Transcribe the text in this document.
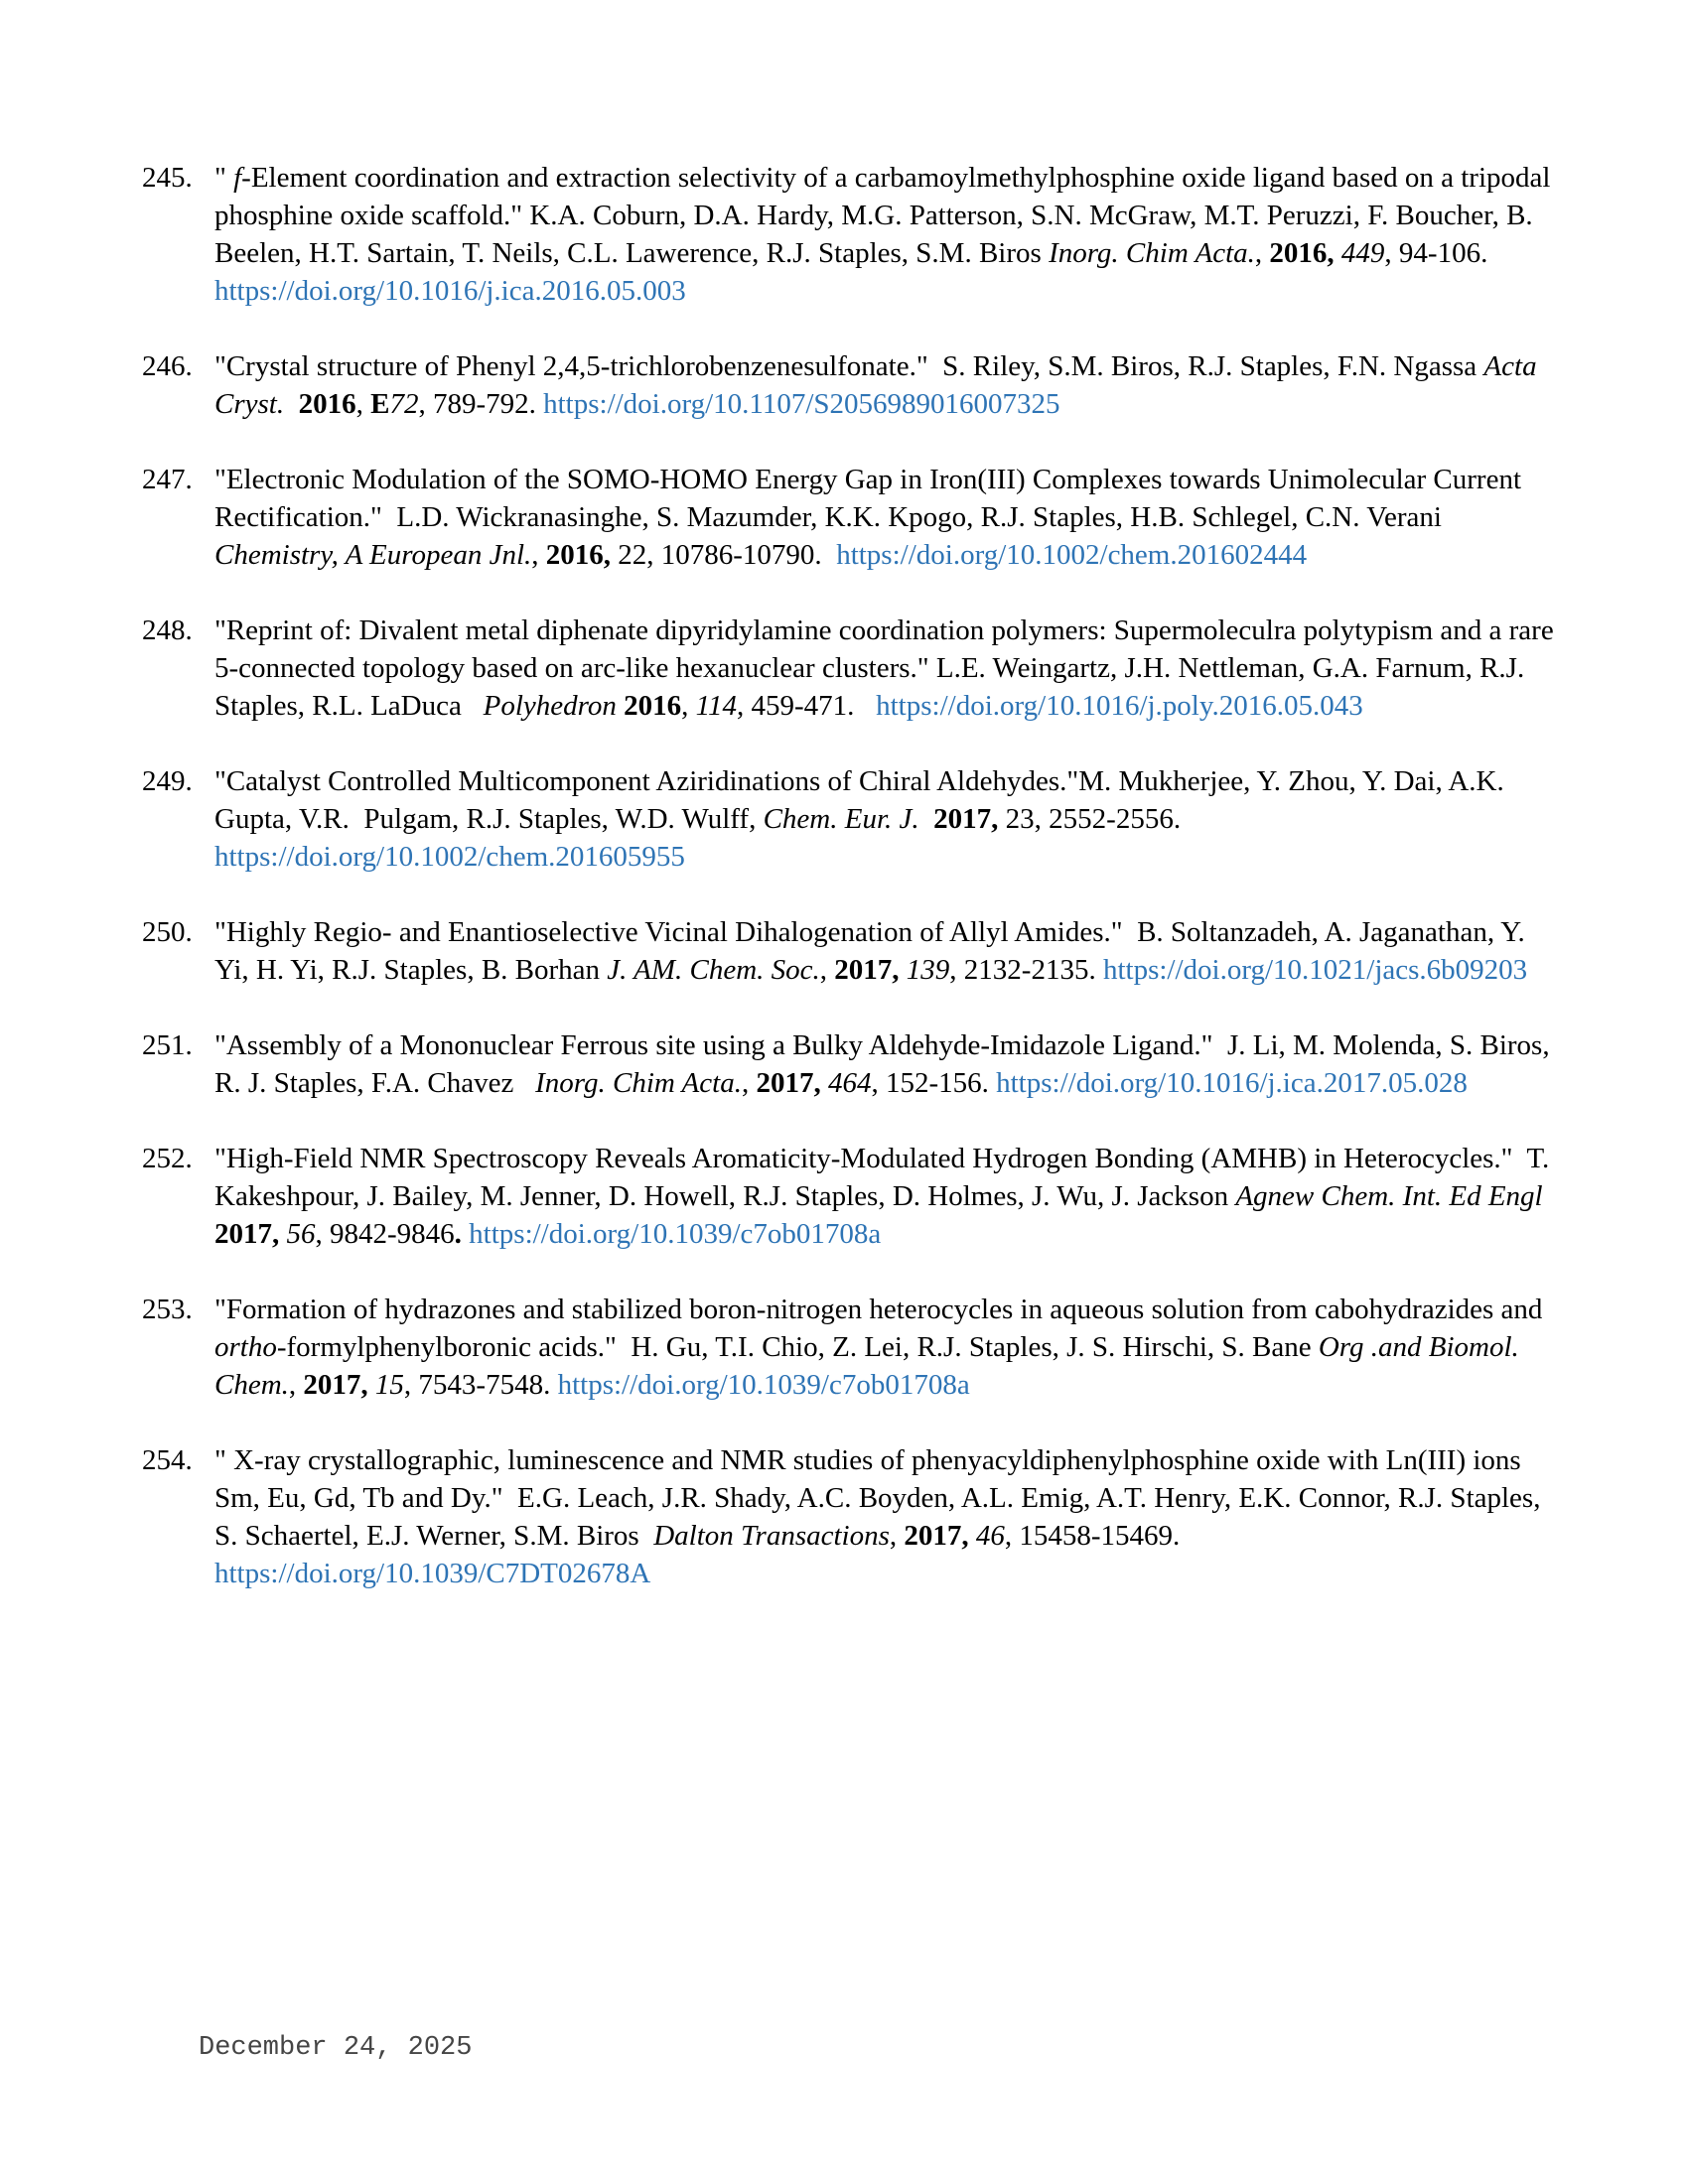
245. " f-Element coordination and extraction selectivity of a carbamoylmethylphosphine oxide ligand based on a tripodal phosphine oxide scaffold." K.A. Coburn, D.A. Hardy, M.G. Patterson, S.N. McGraw, M.T. Peruzzi, F. Boucher, B. Beelen, H.T. Sartain, T. Neils, C.L. Lawerence, R.J. Staples, S.M. Biros Inorg. Chim Acta., 2016, 449, 94-106. https://doi.org/10.1016/j.ica.2016.05.003
246. "Crystal structure of Phenyl 2,4,5-trichlorobenzenesulfonate."  S. Riley, S.M. Biros, R.J. Staples, F.N. Ngassa Acta Cryst. 2016, E72, 789-792. https://doi.org/10.1107/S2056989016007325
247. "Electronic Modulation of the SOMO-HOMO Energy Gap in Iron(III) Complexes towards Unimolecular Current Rectification."  L.D. Wickranasinghe, S. Mazumder, K.K. Kpogo, R.J. Staples, H.B. Schlegel, C.N. Verani Chemistry, A European Jnl., 2016, 22, 10786-10790.  https://doi.org/10.1002/chem.201602444
248. "Reprint of: Divalent metal diphenate dipyridylamine coordination polymers: Supermoleculra polytypism and a rare 5-connected topology based on arc-like hexanuclear clusters." L.E. Weingartz, J.H. Nettleman, G.A. Farnum, R.J. Staples, R.L. LaDuca   Polyhedron 2016, 114, 459-471.   https://doi.org/10.1016/j.poly.2016.05.043
249. "Catalyst Controlled Multicomponent Aziridinations of Chiral Aldehydes."M. Mukherjee, Y. Zhou, Y. Dai, A.K. Gupta, V.R.  Pulgam, R.J. Staples, W.D. Wulff, Chem. Eur. J. 2017, 23, 2552-2556. https://doi.org/10.1002/chem.201605955
250. "Highly Regio- and Enantioselective Vicinal Dihalogenation of Allyl Amides."  B. Soltanzadeh, A. Jaganathan, Y. Yi, H. Yi, R.J. Staples, B. Borhan J. AM. Chem. Soc., 2017, 139, 2132-2135. https://doi.org/10.1021/jacs.6b09203
251. "Assembly of a Mononuclear Ferrous site using a Bulky Aldehyde-Imidazole Ligand."  J. Li, M. Molenda, S. Biros, R. J. Staples, F.A. Chavez   Inorg. Chim Acta., 2017, 464, 152-156. https://doi.org/10.1016/j.ica.2017.05.028
252. "High-Field NMR Spectroscopy Reveals Aromaticity-Modulated Hydrogen Bonding (AMHB) in Heterocycles."  T. Kakeshpour, J. Bailey, M. Jenner, D. Howell, R.J. Staples, D. Holmes, J. Wu, J. Jackson Agnew Chem. Int. Ed Engl 2017, 56, 9842-9846. https://doi.org/10.1039/c7ob01708a
253. "Formation of hydrazones and stabilized boron-nitrogen heterocycles in aqueous solution from cabohydrazides and ortho-formylphenylboronic acids."  H. Gu, T.I. Chio, Z. Lei, R.J. Staples, J. S. Hirschi, S. Bane Org .and Biomol. Chem., 2017, 15, 7543-7548. https://doi.org/10.1039/c7ob01708a
254. " X-ray crystallographic, luminescence and NMR studies of phenyacyldiphenylphosphine oxide with Ln(III) ions Sm, Eu, Gd, Tb and Dy."  E.G. Leach, J.R. Shady, A.C. Boyden, A.L. Emig, A.T. Henry, E.K. Connor, R.J. Staples, S. Schaertel, E.J. Werner, S.M. Biros  Dalton Transactions, 2017, 46, 15458-15469. https://doi.org/10.1039/C7DT02678A
December 24, 2025
